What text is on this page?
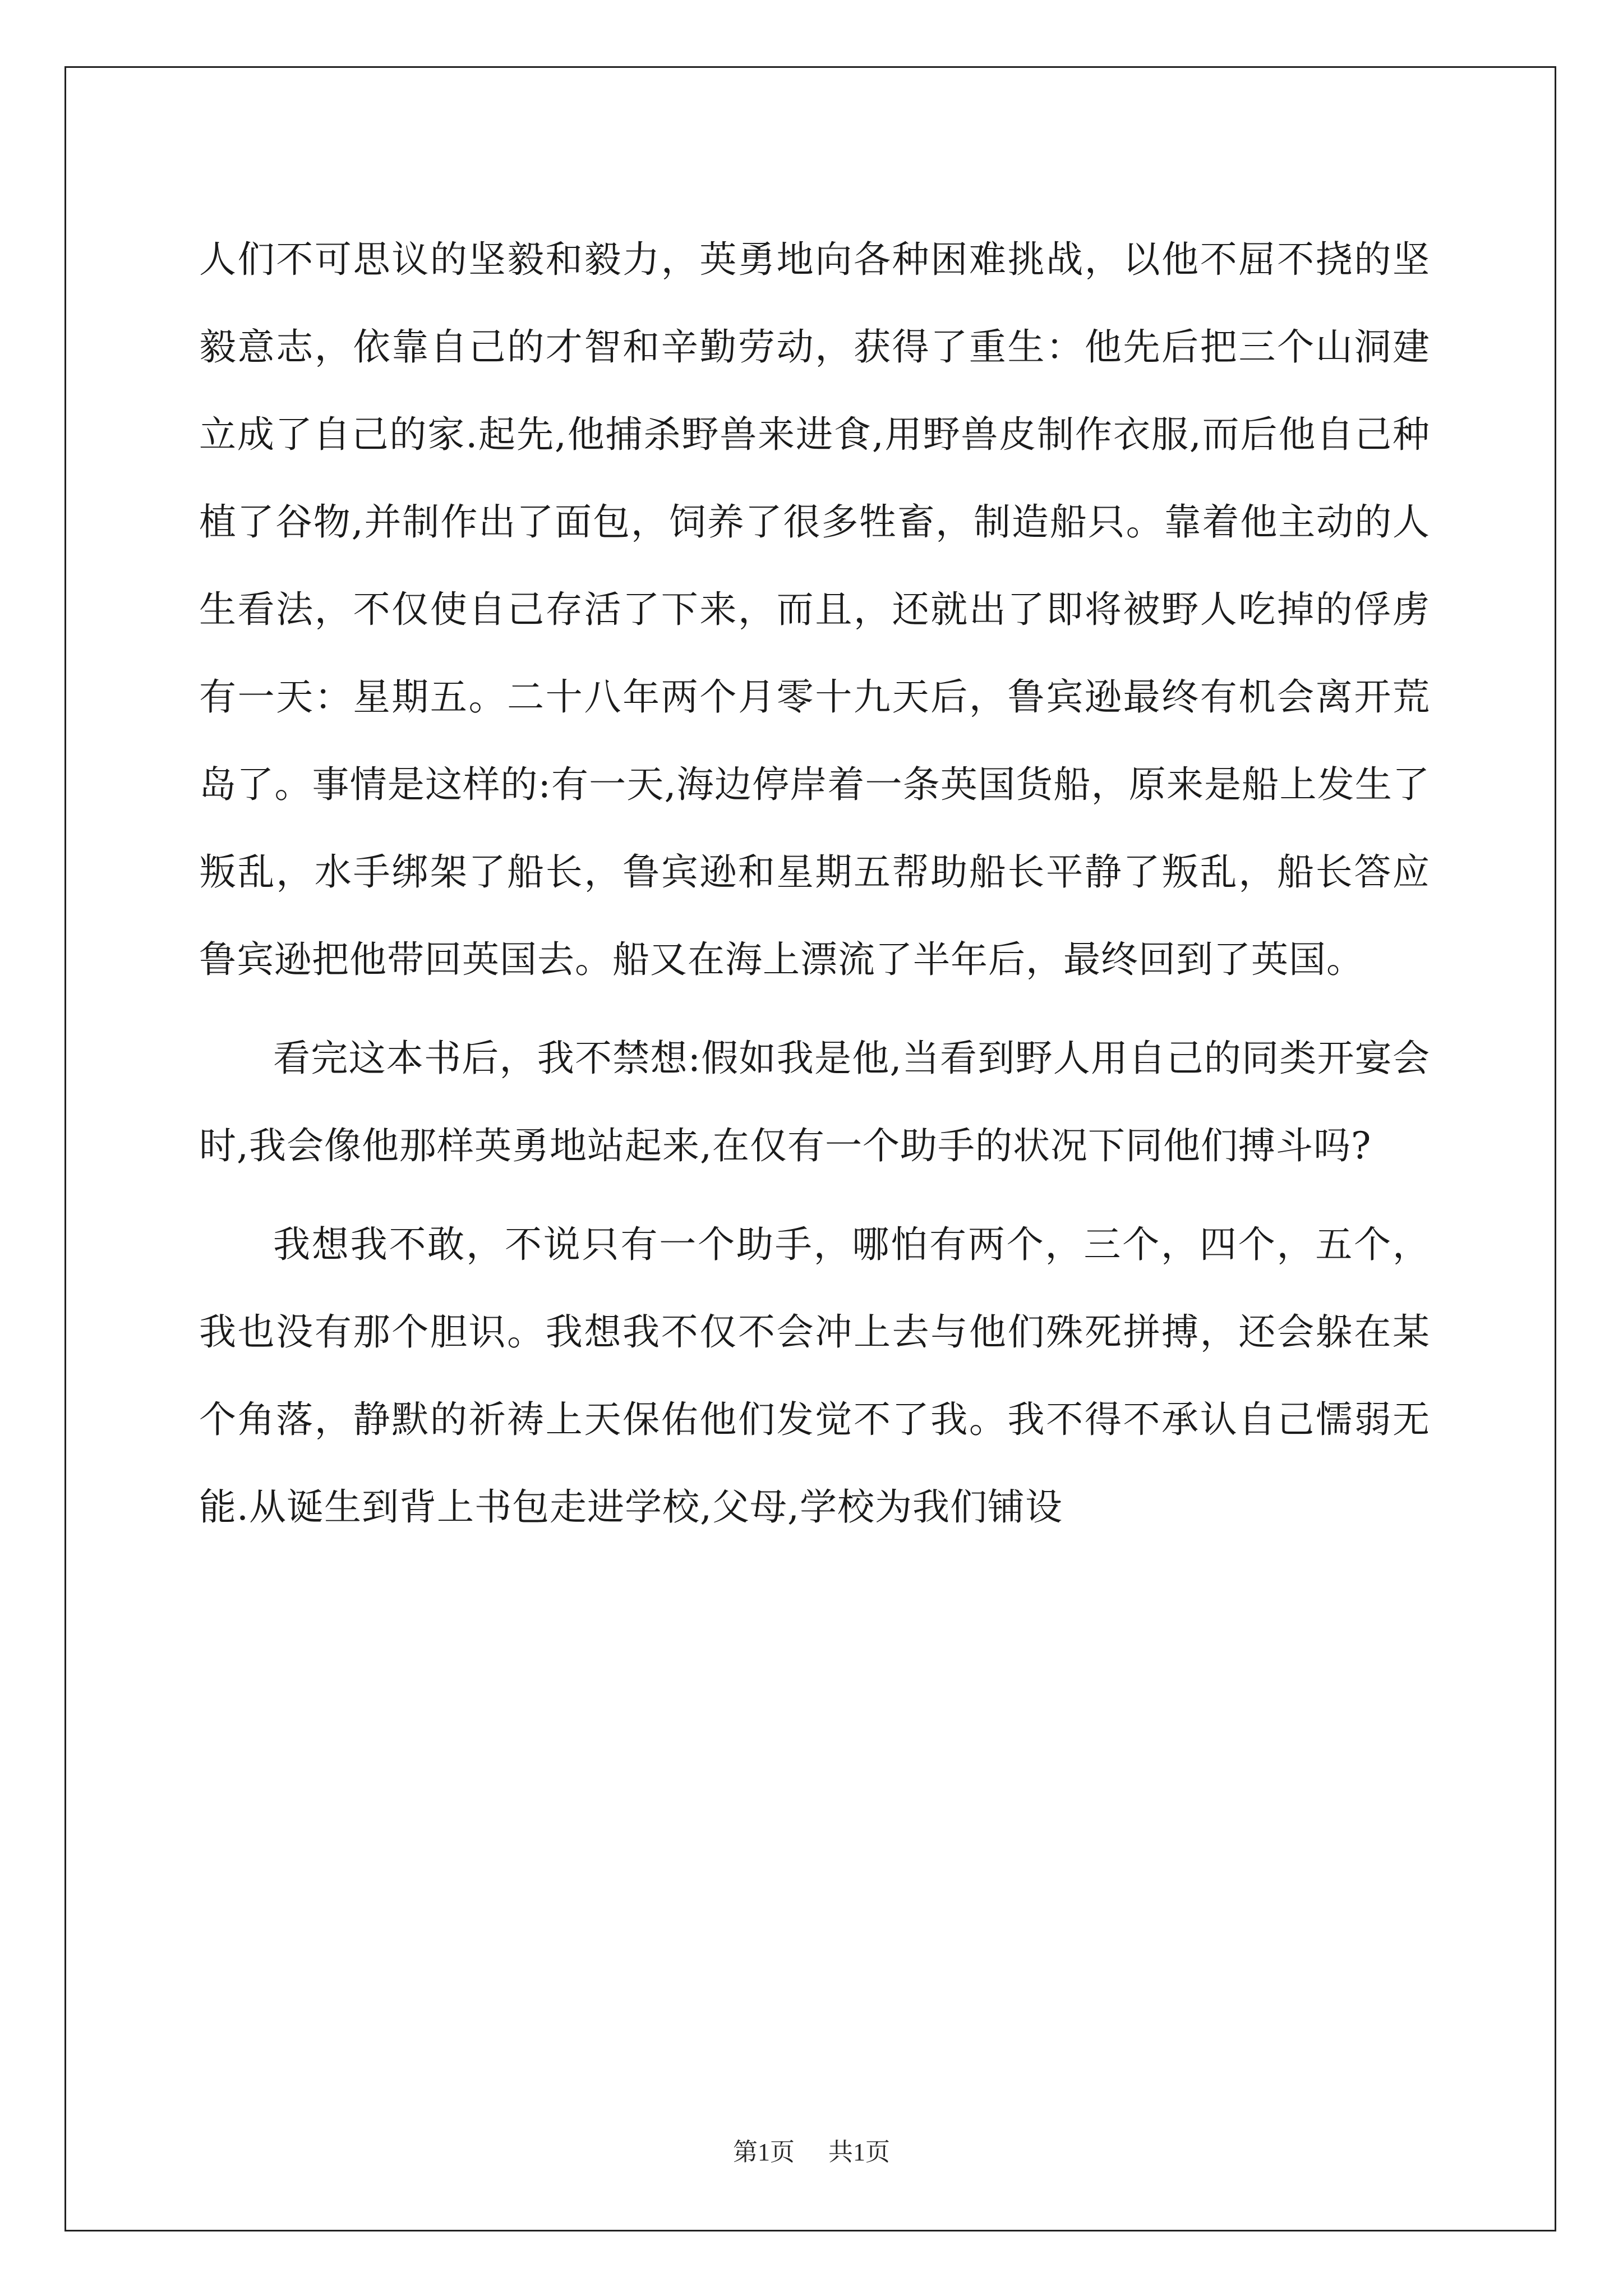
人们不可思议的坚毅和毅力，英勇地向各种困难挑战，以他不屈不挠的坚毅意志，依靠自己的才智和辛勤劳动，获得了重生：他先后把三个山洞建立成了自己的家.起先,他捕杀野兽来进食,用野兽皮制作衣服,而后他自己种植了谷物,并制作出了面包，饲养了很多牲畜，制造船只。靠着他主动的人生看法，不仅使自己存活了下来，而且，还就出了即将被野人吃掉的俘虏有一天：星期五。二十八年两个月零十九天后，鲁宾逊最终有机会离开荒岛了。事情是这样的:有一天,海边停岸着一条英国货船，原来是船上发生了叛乱，水手绑架了船长，鲁宾逊和星期五帮助船长平静了叛乱，船长答应鲁宾逊把他带回英国去。船又在海上漂流了半年后，最终回到了英国。

看完这本书后，我不禁想:假如我是他,当看到野人用自己的同类开宴会时,我会像他那样英勇地站起来,在仅有一个助手的状况下同他们搏斗吗?

我想我不敢，不说只有一个助手，哪怕有两个，三个，四个，五个，我也没有那个胆识。我想我不仅不会冲上去与他们殊死拼搏，还会躲在某个角落，静默的祈祷上天保佑他们发觉不了我。我不得不承认自己懦弱无能.从诞生到背上书包走进学校,父母,学校为我们铺设

第1页 共1页
